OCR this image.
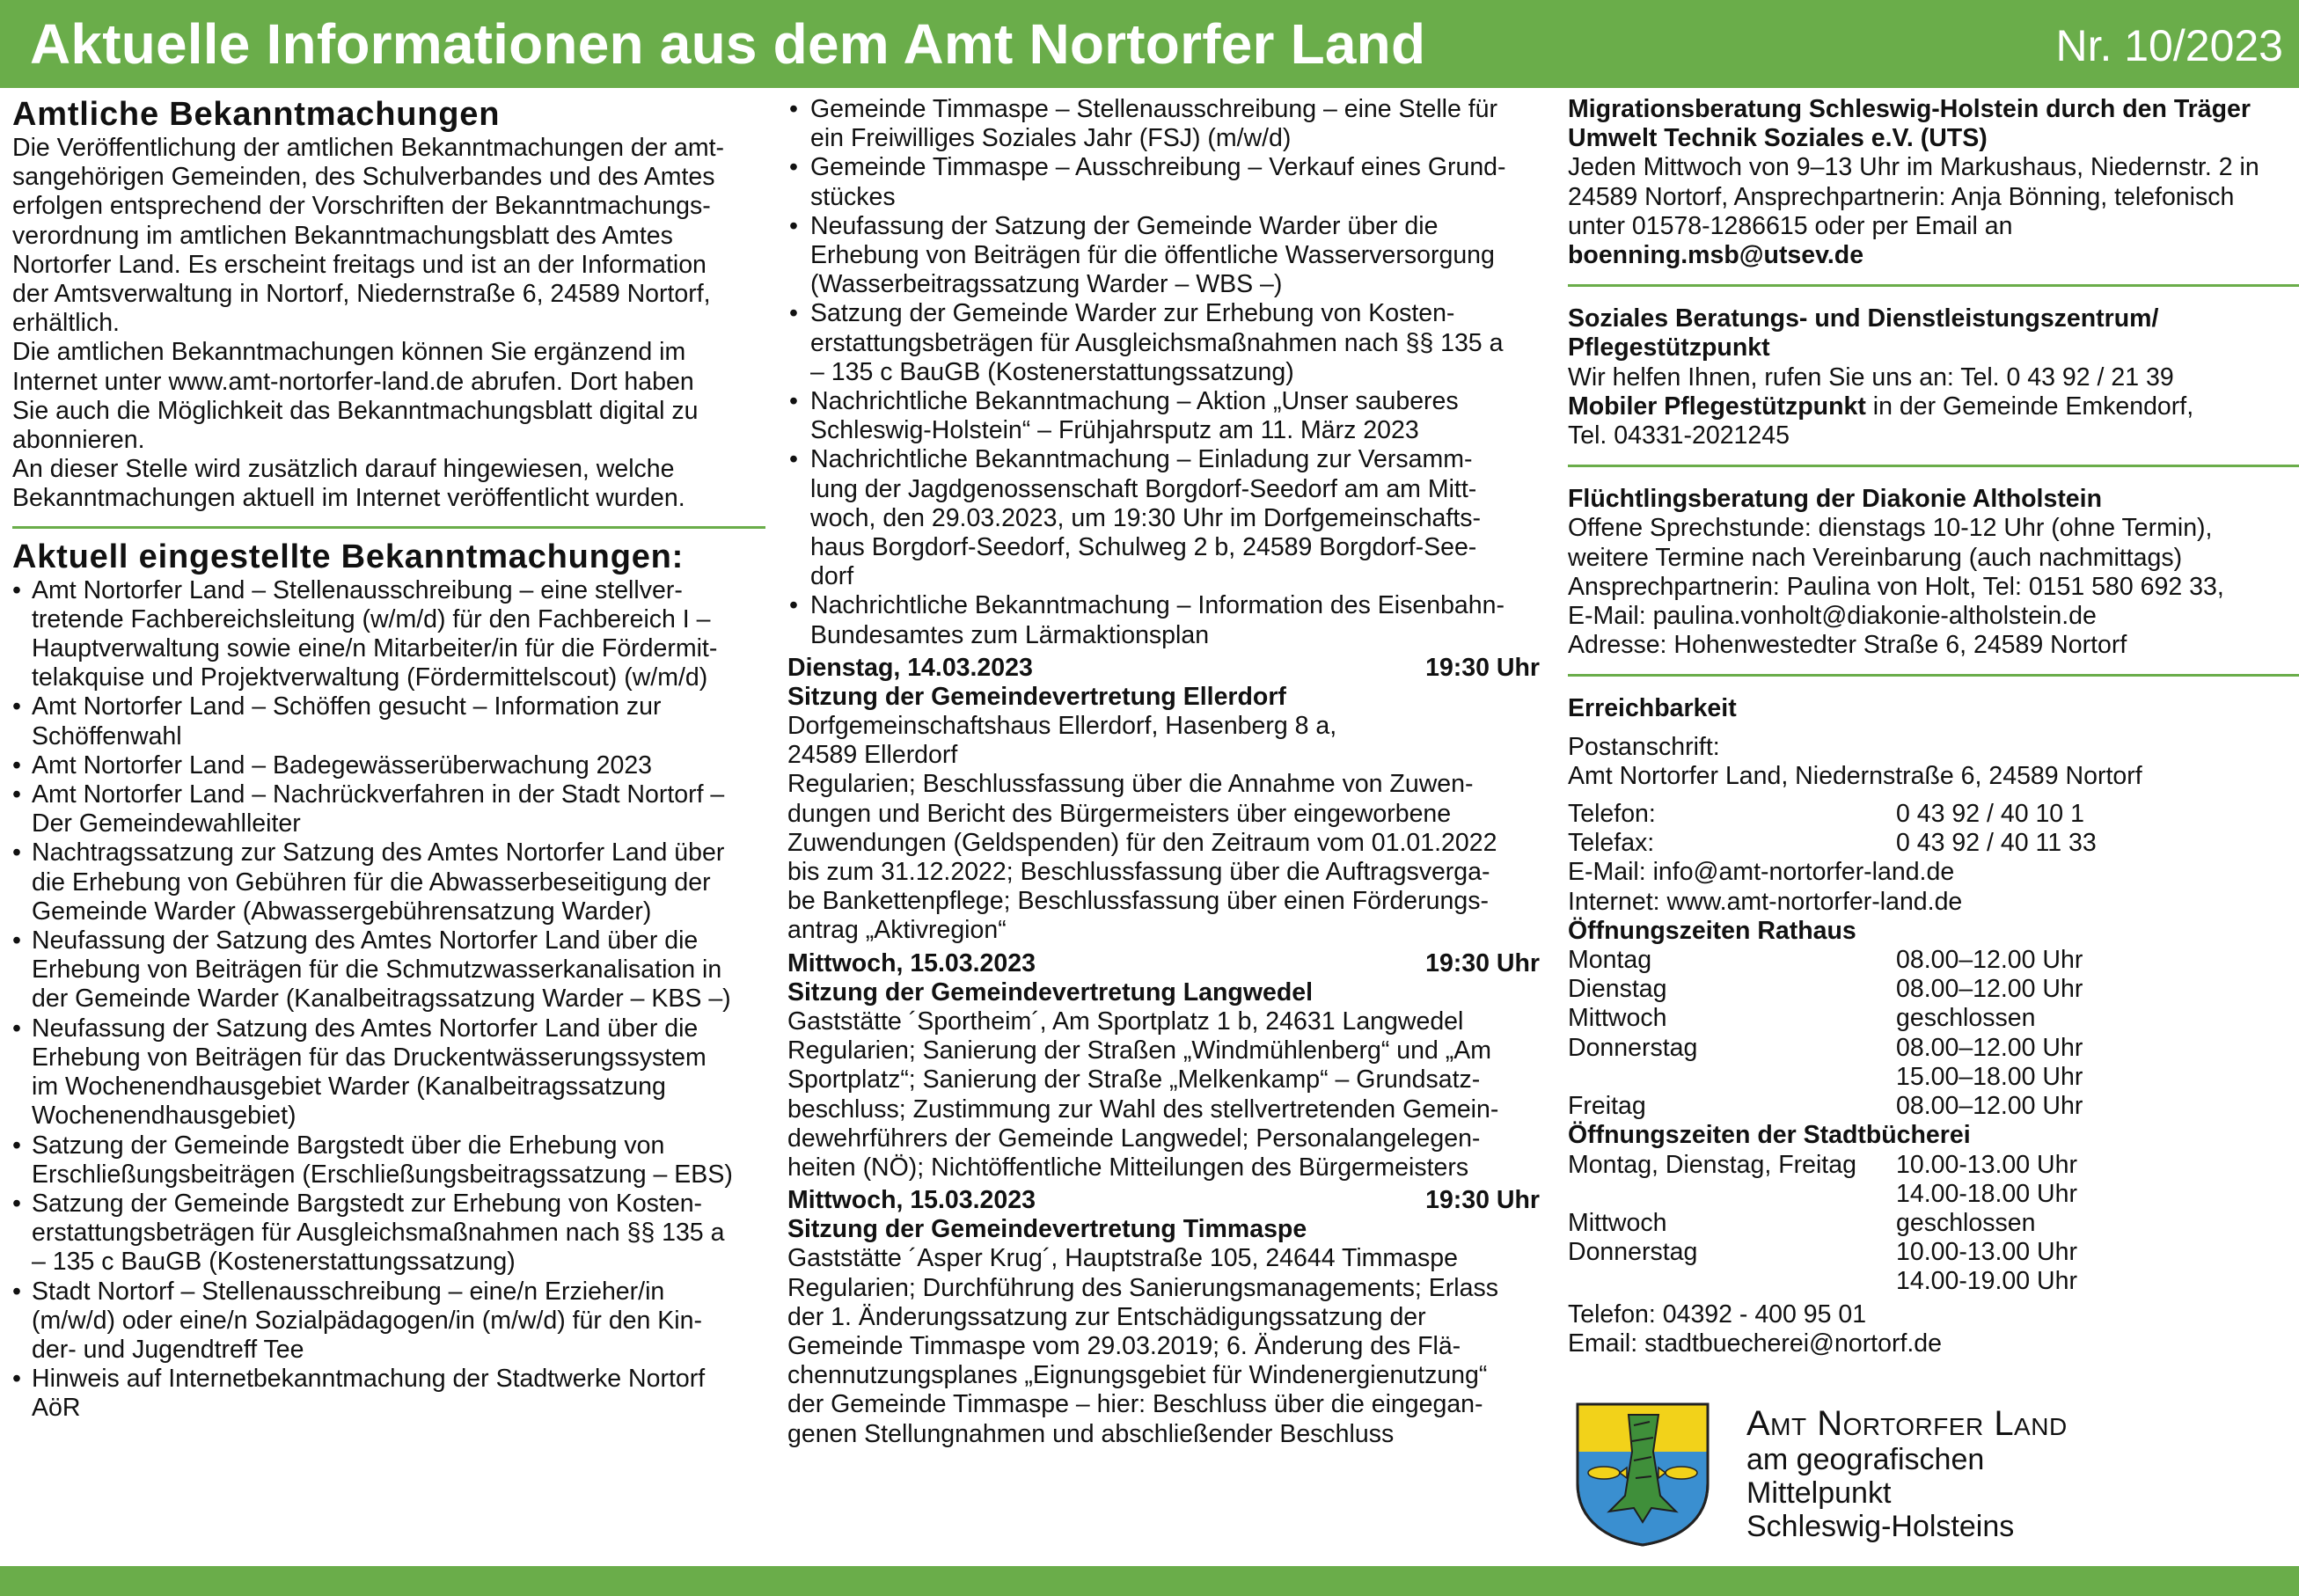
Aktuelle Informationen aus dem Amt Nortorfer Land	Nr. 10/2023
Amtliche Bekanntmachungen
Die Veröffentlichung der amtlichen Bekanntmachungen der amt-
sangehörigen Gemeinden, des Schulverbandes und des Amtes
erfolgen entsprechend der Vorschriften der Bekanntmachungs-
verordnung im amtlichen Bekanntmachungsblatt des Amtes
Nortorfer Land. Es erscheint freitags und ist an der Information
der Amtsverwaltung in Nortorf, Niedernstraße 6, 24589 Nortorf,
erhältlich.
Die amtlichen Bekanntmachungen können Sie ergänzend im
Internet unter www.amt-nortorfer-land.de abrufen. Dort haben
Sie auch die Möglichkeit das Bekanntmachungsblatt digital zu
abonnieren.
An dieser Stelle wird zusätzlich darauf hingewiesen, welche
Bekanntmachungen aktuell im Internet veröffentlicht wurden.
Aktuell eingestellte Bekanntmachungen:
• Amt Nortorfer Land – Stellenausschreibung – eine stellver-
tretende Fachbereichsleitung (w/m/d) für den Fachbereich I –
Hauptverwaltung sowie eine/n Mitarbeiter/in für die Fördermit-
telakquise und Projektverwaltung (Fördermittelscout) (w/m/d)
• Amt Nortorfer Land – Schöffen gesucht – Information zur
Schöffenwahl
• Amt Nortorfer Land – Badegewässerüberwachung 2023
• Amt Nortorfer Land – Nachrückverfahren in der Stadt Nortorf –
Der Gemeindewahlleiter
• Nachtragssatzung zur Satzung des Amtes Nortorfer Land über
die Erhebung von Gebühren für die Abwasserbeseitigung der
Gemeinde Warder (Abwassergebührensatzung Warder)
• Neufassung der Satzung des Amtes Nortorfer Land über die
Erhebung von Beiträgen für die Schmutzwasserkanalisation in
der Gemeinde Warder (Kanalbeitragssatzung Warder – KBS –)
• Neufassung der Satzung des Amtes Nortorfer Land über die
Erhebung von Beiträgen für das Druckentwässerungssystem
im Wochenendhausgebiet Warder (Kanalbeitragssatzung
Wochenendhausgebiet)
• Satzung der Gemeinde Bargstedt über die Erhebung von
Erschließungsbeiträgen (Erschließungsbeitragssatzung – EBS)
• Satzung der Gemeinde Bargstedt zur Erhebung von Kosten-
erstattungsbeträgen für Ausgleichsmaßnahmen nach §§ 135 a
– 135 c BauGB (Kostenerstattungssatzung)
• Stadt Nortorf – Stellenausschreibung – eine/n Erzieher/in
(m/w/d) oder eine/n Sozialpädagogen/in (m/w/d) für den Kin-
der- und Jugendtreff Tee
• Hinweis auf Internetbekanntmachung der Stadtwerke Nortorf
AöR
• Gemeinde Timmaspe – Stellenausschreibung – eine Stelle für
ein Freiwilliges Soziales Jahr (FSJ) (m/w/d)
• Gemeinde Timmaspe – Ausschreibung – Verkauf eines Grund-
stückes
• Neufassung der Satzung der Gemeinde Warder über die
Erhebung von Beiträgen für die öffentliche Wasserversorgung
(Wasserbeitragssatzung Warder – WBS –)
• Satzung der Gemeinde Warder zur Erhebung von Kosten-
erstattungsbeträgen für Ausgleichsmaßnahmen nach §§ 135 a
– 135 c BauGB (Kostenerstattungssatzung)
• Nachrichtliche Bekanntmachung – Aktion „Unser sauberes
Schleswig-Holstein“ – Frühjahrsputz am 11. März 2023
• Nachrichtliche Bekanntmachung – Einladung zur Versamm-
lung der Jagdgenossenschaft Borgdorf-Seedorf am am Mitt-
woch, den 29.03.2023, um 19:30 Uhr im Dorfgemeinschafts-
haus Borgdorf-Seedorf, Schulweg 2 b, 24589 Borgdorf-See-
dorf
• Nachrichtliche Bekanntmachung – Information des Eisenbahn-
Bundesamtes zum Lärmaktionsplan
Dienstag, 14.03.2023	19:30 Uhr
Sitzung der Gemeindevertretung Ellerdorf
Dorfgemeinschaftshaus Ellerdorf, Hasenberg 8 a,
24589 Ellerdorf
Regularien; Beschlussfassung über die Annahme von Zuwen-
dungen und Bericht des Bürgermeisters über eingeworbene
Zuwendungen (Geldspenden) für den Zeitraum vom 01.01.2022
bis zum 31.12.2022; Beschlussfassung über die Auftragsverga-
be Bankettenpflege; Beschlussfassung über einen Förderungs-
antrag „Aktivregion“
Mittwoch, 15.03.2023	19:30 Uhr
Sitzung der Gemeindevertretung Langwedel
Gaststätte ´Sportheim´, Am Sportplatz 1 b, 24631 Langwedel
Regularien; Sanierung der Straßen „Windmühlenberg“ und „Am
Sportplatz“; Sanierung der Straße „Melkenkamp“ – Grundsatz-
beschluss; Zustimmung zur Wahl des stellvertretenden Gemein-
dewehrführers der Gemeinde Langwedel; Personalangelegen-
heiten (NÖ); Nichtöffentliche Mitteilungen des Bürgermeisters
Mittwoch, 15.03.2023	19:30 Uhr
Sitzung der Gemeindevertretung Timmaspe
Gaststätte ´Asper Krug´, Hauptstraße 105, 24644 Timmaspe
Regularien; Durchführung des Sanierungsmanagements; Erlass
der 1. Änderungssatzung zur Entschädigungssatzung der
Gemeinde Timmaspe vom 29.03.2019; 6. Änderung des Flä-
chennutzungsplanes „Eignungsgebiet für Windenergienutzung“
der Gemeinde Timmaspe – hier: Beschluss über die eingegan-
genen Stellungnahmen und abschließender Beschluss
Migrationsberatung Schleswig-Holstein durch den Träger
Umwelt Technik Soziales e.V. (UTS)
Jeden Mittwoch von 9–13 Uhr im Markushaus, Niedernstr. 2 in
24589 Nortorf, Ansprechpartnerin: Anja Bönning, telefonisch
unter 01578-1286615 oder per Email an
boenning.msb@utsev.de
Soziales Beratungs- und Dienstleistungszentrum/
Pflegestützpunkt
Wir helfen Ihnen, rufen Sie uns an: Tel. 0 43 92 / 21 39
Mobiler Pflegestützpunkt in der Gemeinde Emkendorf,
Tel. 04331-2021245
Flüchtlingsberatung der Diakonie Altholstein
Offene Sprechstunde: dienstags 10-12 Uhr (ohne Termin),
weitere Termine nach Vereinbarung (auch nachmittags)
Ansprechpartnerin: Paulina von Holt, Tel: 0151 580 692 33,
E-Mail: paulina.vonholt@diakonie-altholstein.de
Adresse: Hohenwestedter Straße 6, 24589 Nortorf
Erreichbarkeit
Postanschrift:
Amt Nortorfer Land, Niedernstraße 6, 24589 Nortorf
Telefon:	0 43 92 / 40 10 1
Telefax:	0 43 92 / 40 11 33
E-Mail: info@amt-nortorfer-land.de
Internet: www.amt-nortorfer-land.de
Öffnungszeiten Rathaus
Montag	08.00–12.00 Uhr
Dienstag	08.00–12.00 Uhr
Mittwoch	geschlossen
Donnerstag	08.00–12.00 Uhr
15.00–18.00 Uhr
Freitag	08.00–12.00 Uhr
Öffnungszeiten der Stadtbücherei
Montag, Dienstag, Freitag	10.00-13.00 Uhr
14.00-18.00 Uhr
Mittwoch	geschlossen
Donnerstag	10.00-13.00 Uhr
14.00-19.00 Uhr
Telefon: 04392 - 400 95 01
Email: stadtbuecherei@nortorf.de
Amt Nortorfer Land
am geografischen
Mittelpunkt
Schleswig-Holsteins
